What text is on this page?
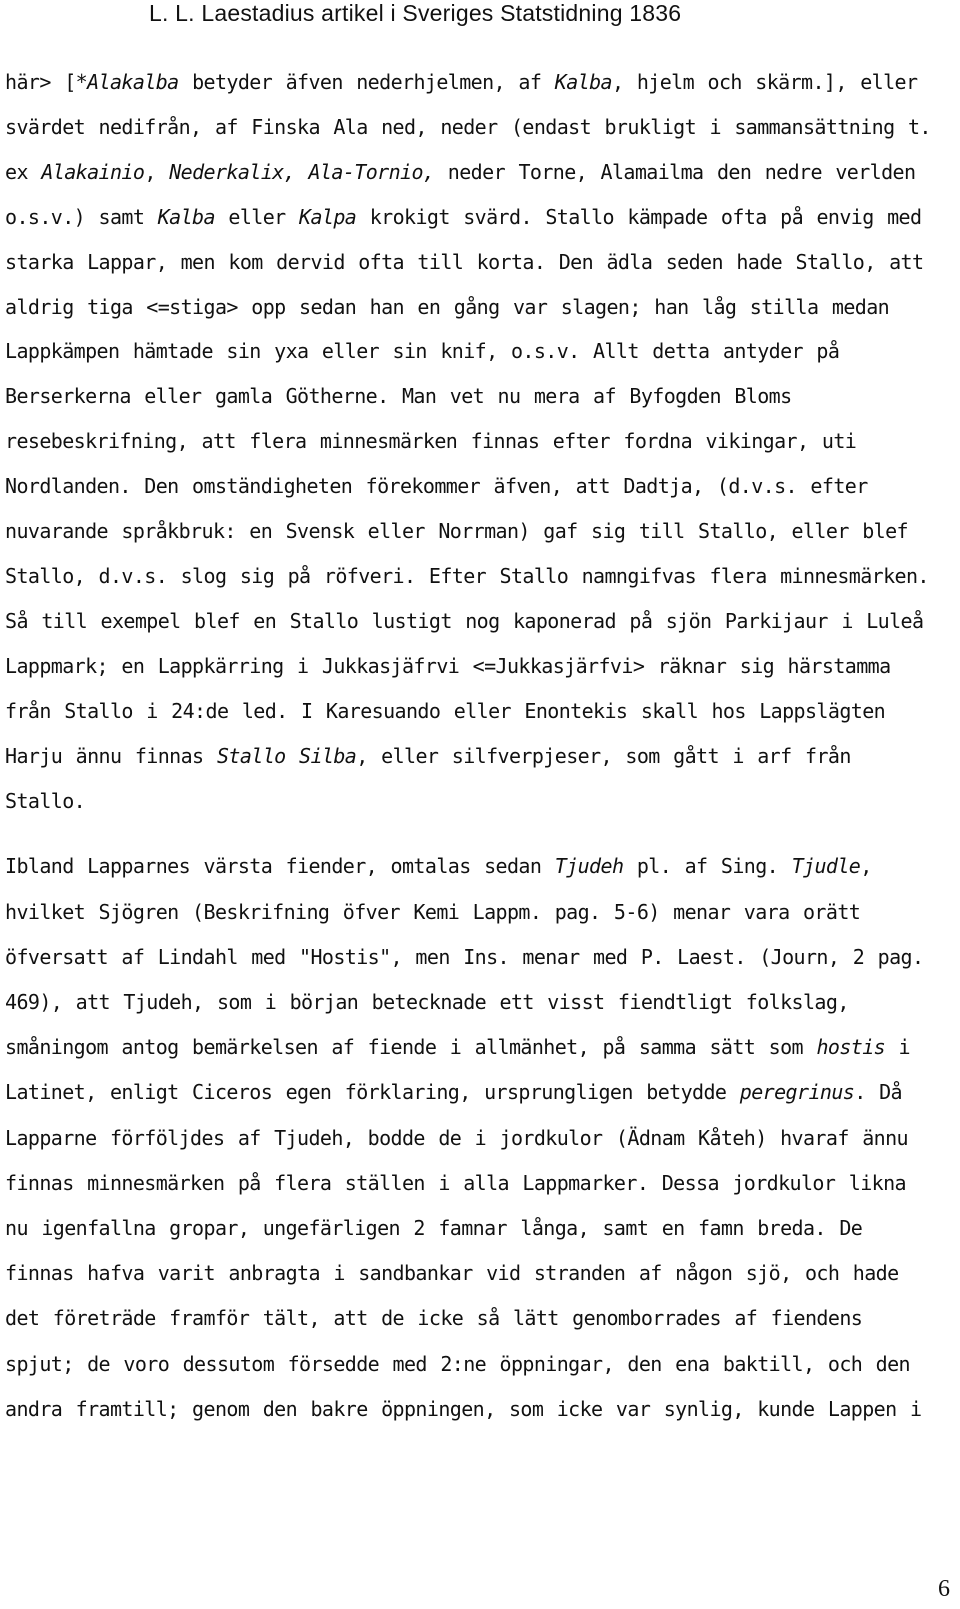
L. L. Laestadius artikel i Sveriges Statstidning 1836

här> [*Alakalba betyder äfven nederhjelmen, af Kalba, hjelm och skärm.], eller svärdet nedifrån, af Finska Ala ned, neder (endast brukligt i sammansättning t. ex Alakainio, Nederkalix, Ala-Tornio, neder Torne, Alamailma den nedre verlden o.s.v.) samt Kalba eller Kalpa krokigt svärd. Stallo kämpade ofta på envig med starka Lappar, men kom dervid ofta till korta. Den ädla seden hade Stallo, att aldrig tiga <=stiga> opp sedan han en gång var slagen; han låg stilla medan Lappkämpen hämtade sin yxa eller sin knif, o.s.v. Allt detta antyder på Berserkerna eller gamla Götherne. Man vet nu mera af Byfogden Bloms resebeskrifning, att flera minnesmärken finnas efter fordna vikingar, uti Nordlanden. Den omständigheten förekommer äfven, att Dadtja, (d.v.s. efter nuvarande språkbruk: en Svensk eller Norrman) gaf sig till Stallo, eller blef Stallo, d.v.s. slog sig på röfveri. Efter Stallo namngifvas flera minnesmärken. Så till exempel blef en Stallo lustigt nog kaponerad på sjön Parkijaur i Luleå Lappmark; en Lappkärring i Jukkasjäfrvi <=Jukkasjärfvi> räknar sig härstamma från Stallo i 24:de led. I Karesuando eller Enontekis skall hos Lappslägten Harju ännu finnas Stallo Silba, eller silfverpjeser, som gått i arf från Stallo.

Ibland Lapparnes värsta fiender, omtalas sedan Tjudeh pl. af Sing. Tjudle, hvilket Sjögren (Beskrifning öfver Kemi Lappm. pag. 5-6) menar vara orätt öfversatt af Lindahl med "Hostis", men Ins. menar med P. Laest. (Journ, 2 pag. 469), att Tjudeh, som i början betecknade ett visst fiendtligt folkslag, småningom antog bemärkelsen af fiende i allmänhet, på samma sätt som hostis i Latinet, enligt Ciceros egen förklaring, ursprungligen betydde peregrinus. Då Lapparne förföljdes af Tjudeh, bodde de i jordkulor (Ädnam Kåteh) hvaraf ännu finnas minnesmärken på flera ställen i alla Lappmarker. Dessa jordkulor likna nu igenfallna gropar, ungefärligen 2 famnar långa, samt en famn breda. De finnas hafva varit anbragta i sandbankar vid stranden af någon sjö, och hade det företräde framför tält, att de icke så lätt genomborrades af fiendens spjut; de voro dessutom försedde med 2:ne öppningar, den ena baktill, och den andra framtill; genom den bakre öppningen, som icke var synlig, kunde Lappen i

6
